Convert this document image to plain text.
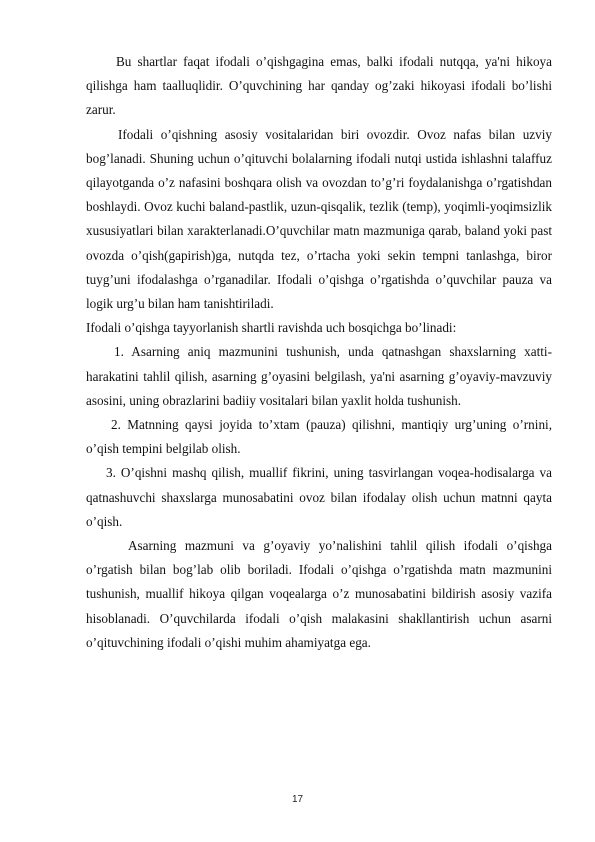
Bu shartlar faqat ifodali o’qishgagina emas, balki ifodali nutqqa, ya'ni hikoya qilishga ham taalluqlidir. O’quvchining har qanday og’zaki hikoyasi ifodali bo’lishi zarur.

Ifodali o’qishning asosiy vositalaridan biri ovozdir. Ovoz nafas bilan uzviy bog’lanadi. Shuning uchun o’qituvchi bolalarning ifodali nutqi ustida ishlashni talaffuz qilayotganda o’z nafasini boshqara olish va ovozdan to’g’ri foydalanishga o’rgatishdan boshlaydi. Ovoz kuchi baland-pastlik, uzun-qisqalik, tezlik (temp), yoqimli-yoqimsizlik xususiyatlari bilan xarakterlanadi.O’quvchilar matn mazmuniga qarab, baland yoki past ovozda o’qish(gapirish)ga, nutqda tez, o’rtacha yoki sekin tempni tanlashga, biror tuyg’uni ifodalashga o’rganadilar. Ifodali o’qishga o’rgatishda o’quvchilar pauza va logik urg’u bilan ham tanishtiriladi.

Ifodali o’qishga tayyorlanish shartli ravishda uch bosqichga bo’linadi:

1. Asarning aniq mazmunini tushunish, unda qatnashgan shaxslarning xatti-harakatini tahlil qilish, asarning g’oyasini belgilash, ya'ni asarning g’oyaviy-mavzuviy asosini, uning obrazlarini badiiy vositalari bilan yaxlit holda tushunish.

2. Matnning qaysi joyida to’xtam (pauza) qilishni, mantiqiy urg’uning o’rnini, o’qish tempini belgilab olish.

3. O’qishni mashq qilish, muallif fikrini, uning tasvirlangan voqea-hodisalarga va qatnashuvchi shaxslarga munosabatini ovoz bilan ifodalay olish uchun matnni qayta o’qish.

Asarning mazmuni va g’oyaviy yo’nalishini tahlil qilish ifodali o’qishga o’rgatish bilan bog’lab olib boriladi. Ifodali o’qishga o’rgatishda matn mazmunini tushunish, muallif hikoya qilgan voqealarga o’z munosabatini bildirish asosiy vazifa hisoblanadi. O’quvchilarda ifodali o’qish malakasini shakllantirish uchun asarni o’qituvchining ifodali o’qishi muhim ahamiyatga ega.

17
